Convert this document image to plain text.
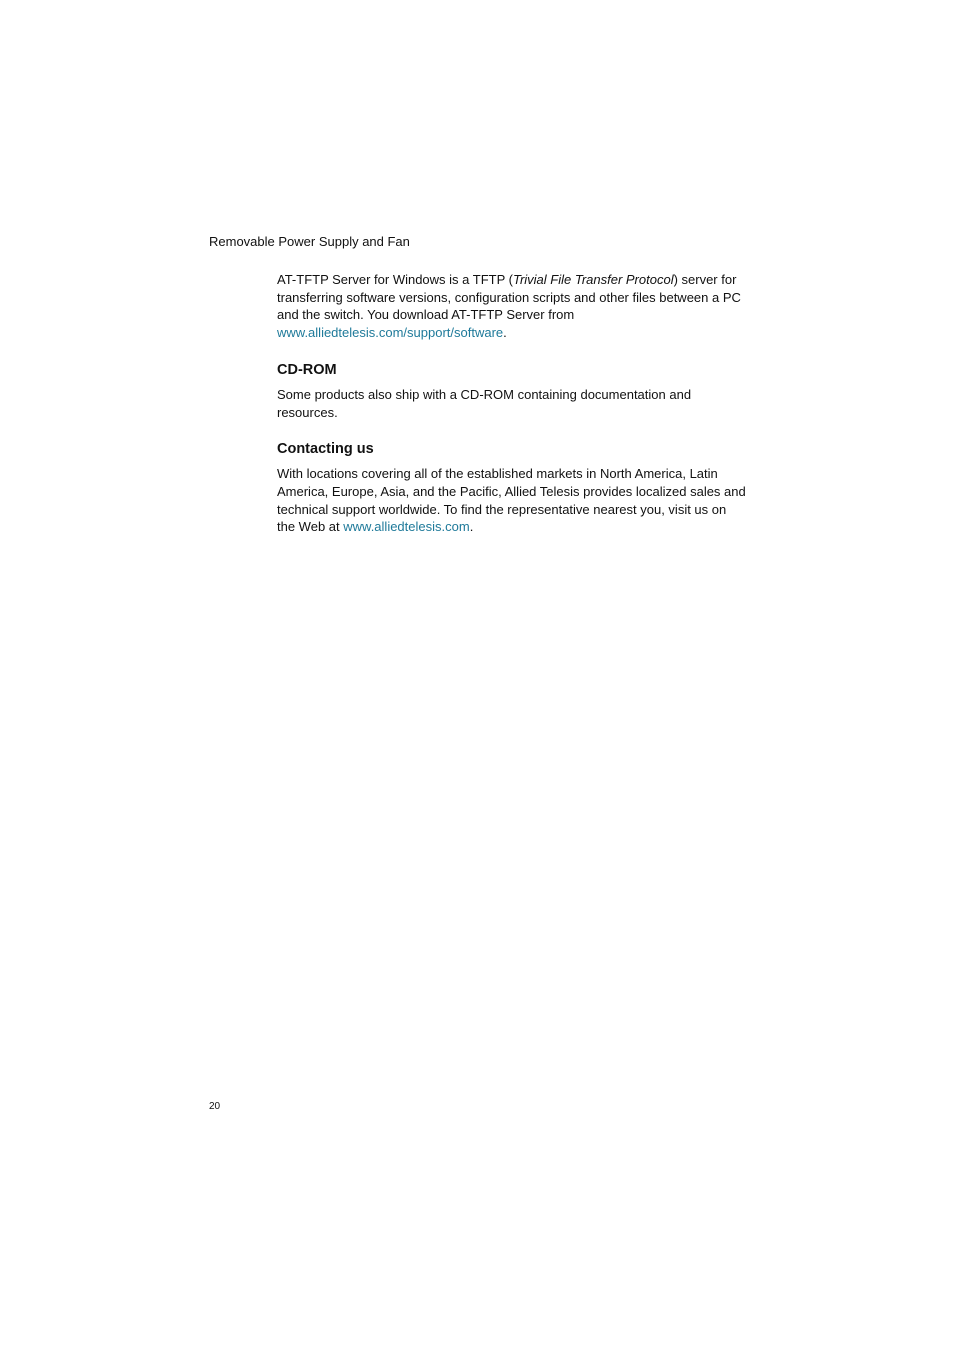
Removable Power Supply and Fan

AT-TFTP Server for Windows is a TFTP (Trivial File Transfer Protocol) server for transferring software versions, configuration scripts and other files between a PC and the switch. You download AT-TFTP Server from www.alliedtelesis.com/support/software.

CD-ROM

Some products also ship with a CD-ROM containing documentation and resources.

Contacting us

With locations covering all of the established markets in North America, Latin America, Europe, Asia, and the Pacific, Allied Telesis provides localized sales and technical support worldwide. To find the representative nearest you, visit us on the Web at www.alliedtelesis.com.

20
